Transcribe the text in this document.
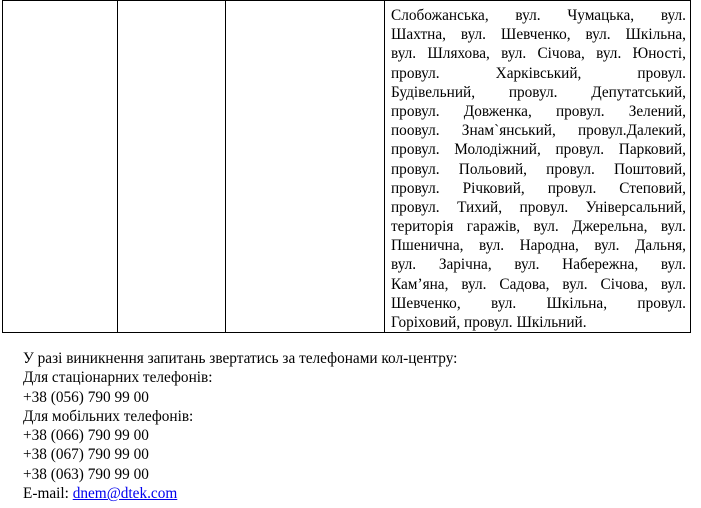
Слобожанська, вул. Чумацька, вул.
Шахтна, вул. Шевченко, вул. Шкільна,
вул. Шляхова, вул. Січова, вул. Юності,
провул. Харківський, провул.
Будівельний, провул. Депутатський,
провул. Довженка, провул. Зелений,
поовул. Знам`янський, провул.Далекий,
провул. Молодіжний, провул. Парковий,
провул. Польовий, провул. Поштовий,
провул. Річковий, провул. Степовий,
провул. Тихий, провул. Універсальний,
територія гаражів, вул. Джерельна, вул.
Пшенична, вул. Народна, вул. Дальня,
вул. Зарічна, вул. Набережна, вул.
Кам’яна, вул. Садова, вул. Січова, вул.
Шевченко, вул. Шкільна, провул.
Горіховий, провул. Шкільний.
У разі виникнення запитань звертатись за телефонами кол-центру:
Для стаціонарних телефонів:
+38 (056) 790 99 00
Для мобільних телефонів:
+38 (066) 790 99 00
+38 (067) 790 99 00
+38 (063) 790 99 00
E-mail: dnem@dtek.com
